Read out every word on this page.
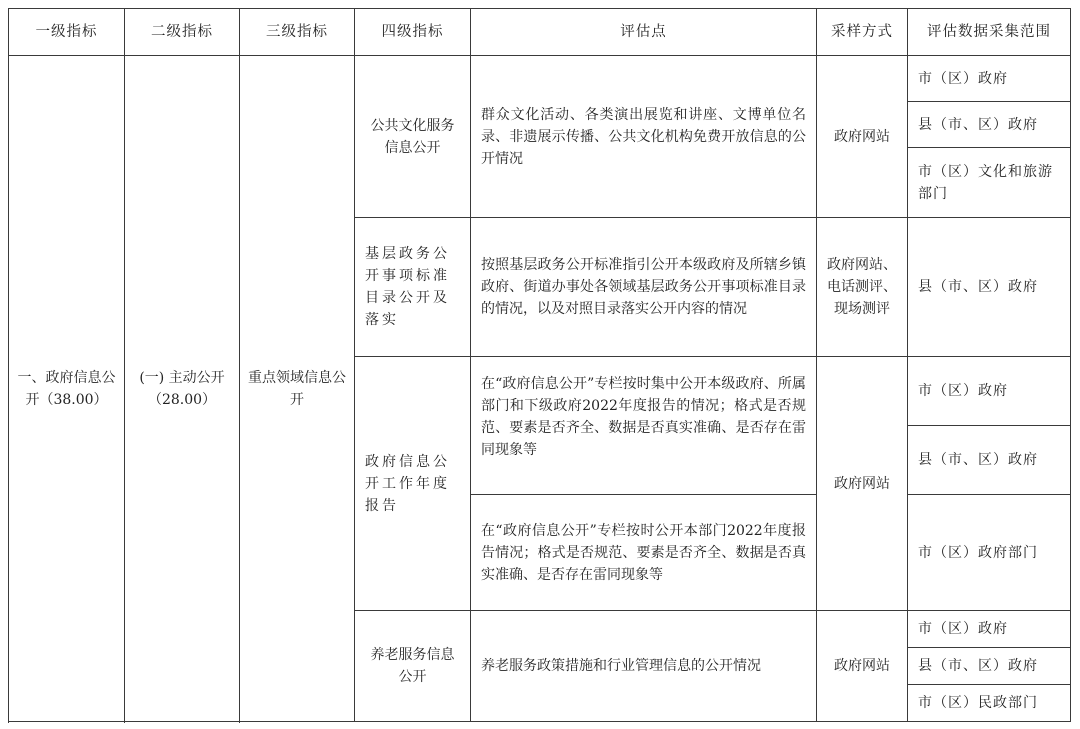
一级指标	二级指标	三级指标	四级指标	评估点	采样方式	评估数据采集范围
一、政府信息公开（38.00）	(一) 主动公开（28.00）	重点领域信息公开	公共文化服务信息公开	群众文化活动、各类演出展览和讲座、文博单位名录、非遗展示传播、公共文化机构免费开放信息的公开情况	政府网站	市（区）政府
						县（市、区）政府
						市（区）文化和旅游部门
			基层政务公开事项标准目录公开及落实	按照基层政务公开标准指引公开本级政府及所辖乡镇政府、街道办事处各领域基层政务公开事项标准目录的情况，以及对照目录落实公开内容的情况	政府网站、电话测评、现场测评	县（市、区）政府
			政府信息公开工作年度报告	在“政府信息公开”专栏按时集中公开本级政府、所属部门和下级政府2022年度报告的情况；格式是否规范、要素是否齐全、数据是否真实准确、是否存在雷同现象等	政府网站	市（区）政府
						县（市、区）政府
				在“政府信息公开”专栏按时公开本部门2022年度报告情况；格式是否规范、要素是否齐全、数据是否真实准确、是否存在雷同现象等		市（区）政府部门

			养老服务信息公开	养老服务政策措施和行业管理信息的公开情况	政府网站	市（区）政府
						县（市、区）政府
						市（区）民政部门
